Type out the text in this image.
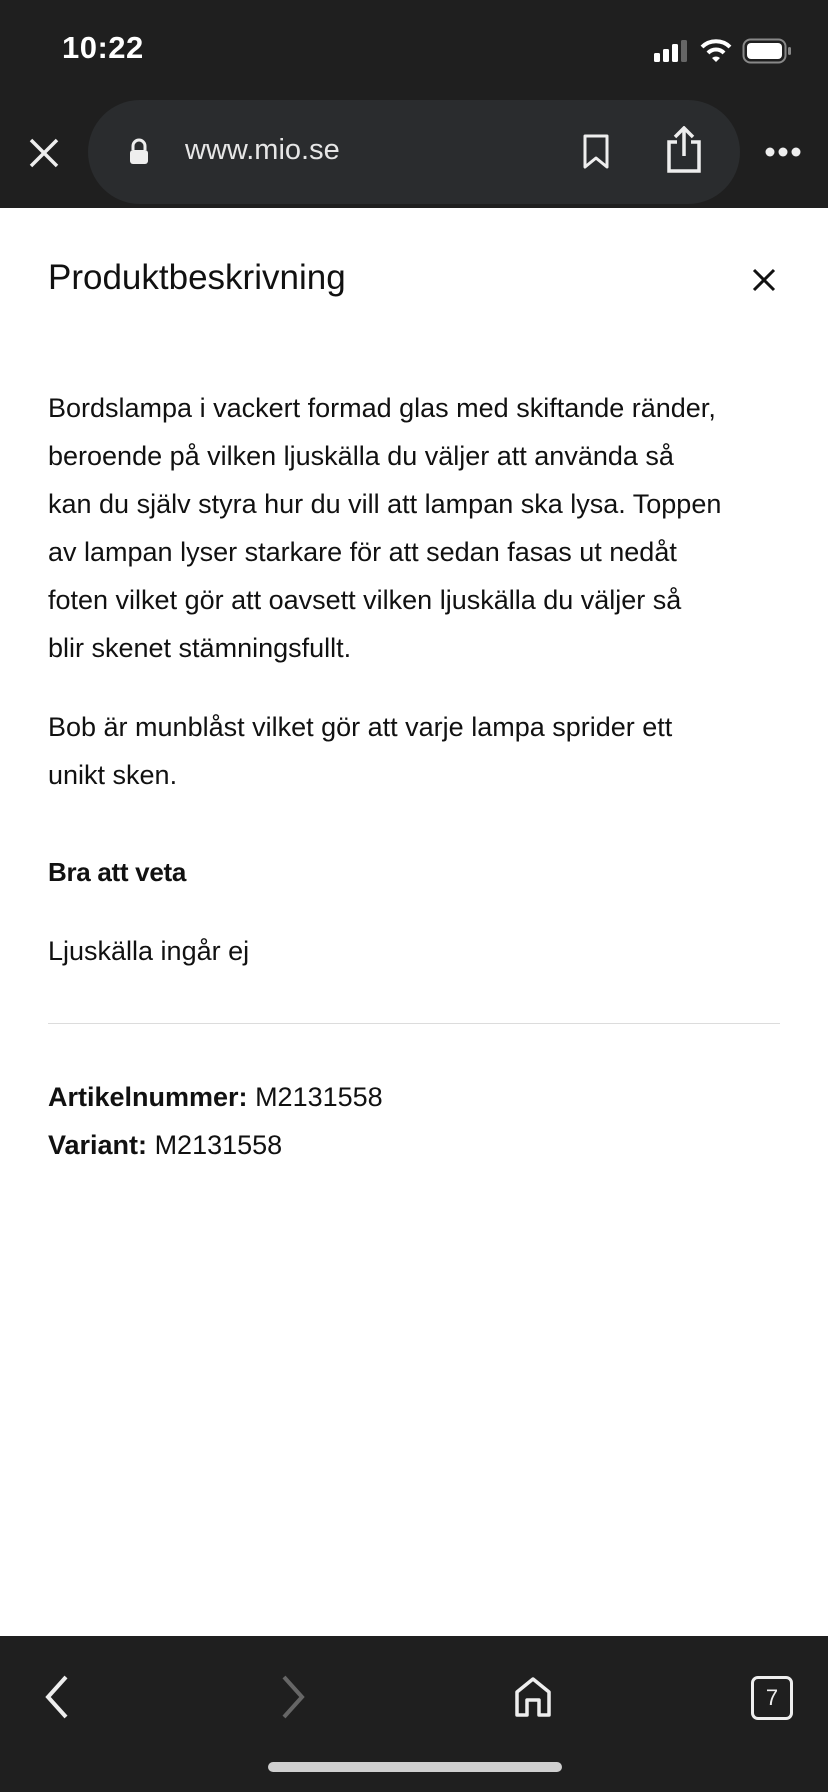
10:22
www.mio.se
Produktbeskrivning
Bordslampa i vackert formad glas med skiftande ränder,
beroende på vilken ljuskälla du väljer att använda så
kan du själv styra hur du vill att lampan ska lysa. Toppen
av lampan lyser starkare för att sedan fasas ut nedåt
foten vilket gör att oavsett vilken ljuskälla du väljer så
blir skenet stämningsfullt.
Bob är munblåst vilket gör att varje lampa sprider ett
unikt sken.
Bra att veta
Ljuskälla ingår ej
Artikelnummer: M2131558
Variant: M2131558
7
